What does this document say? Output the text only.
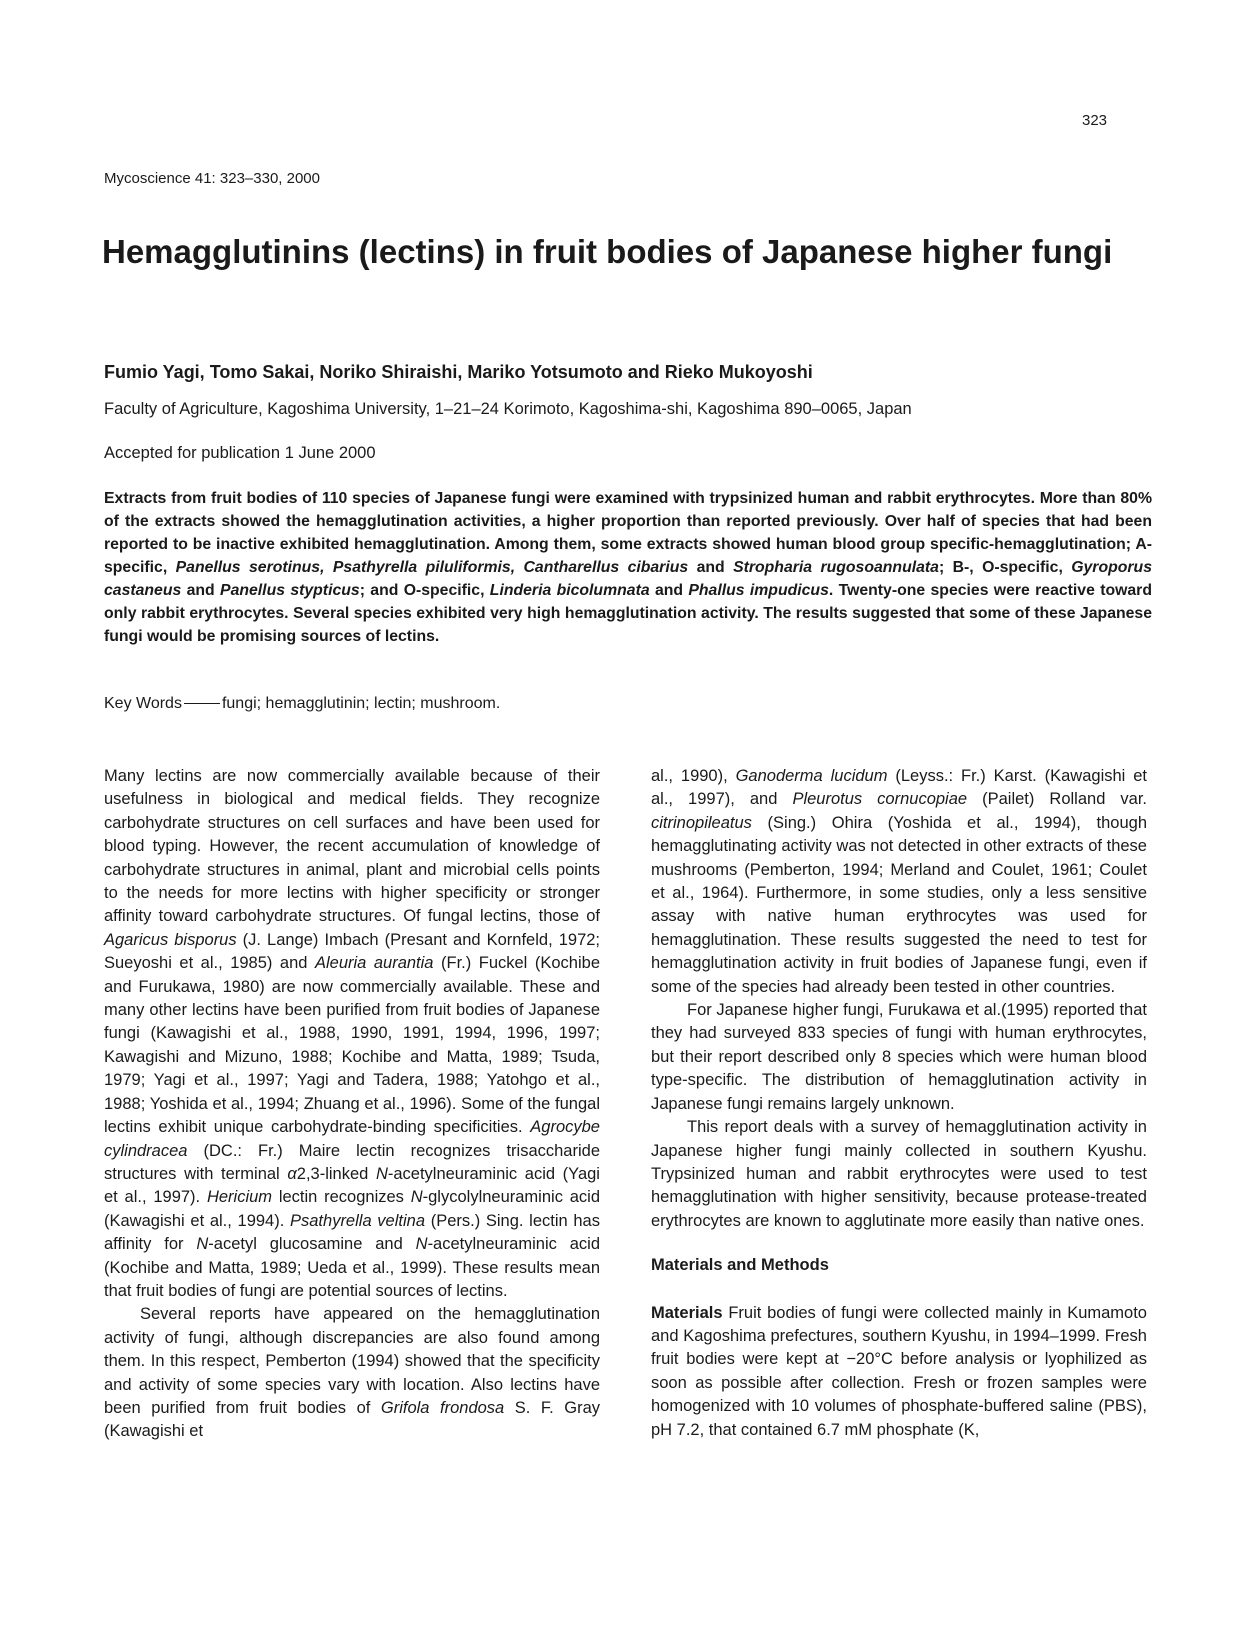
323
Mycoscience 41: 323–330, 2000
Hemagglutinins (lectins) in fruit bodies of Japanese higher fungi
Fumio Yagi, Tomo Sakai, Noriko Shiraishi, Mariko Yotsumoto and Rieko Mukoyoshi
Faculty of Agriculture, Kagoshima University, 1–21–24 Korimoto, Kagoshima-shi, Kagoshima 890–0065, Japan
Accepted for publication 1 June 2000

Extracts from fruit bodies of 110 species of Japanese fungi were examined with trypsinized human and rabbit erythrocytes. More than 80% of the extracts showed the hemagglutination activities, a higher proportion than reported previously. Over half of species that had been reported to be inactive exhibited hemagglutination. Among them, some extracts showed human blood group specific-hemagglutination; A-specific, Panellus serotinus, Psathyrella piluliformis, Cantharellus cibarius and Stropharia rugosoannulata; B-, O-specific, Gyroporus castaneus and Panellus stypticus; and O-specific, Linderia bicolumnata and Phallus impudicus. Twenty-one species were reactive toward only rabbit erythrocytes. Several species exhibited very high hemagglutination activity. The results suggested that some of these Japanese fungi would be promising sources of lectins.

Key Words	fungi; hemagglutinin; lectin; mushroom.

Many lectins are now commercially available because of their usefulness in biological and medical fields. They recognize carbohydrate structures on cell surfaces and have been used for blood typing. However, the recent accumulation of knowledge of carbohydrate structures in animal, plant and microbial cells points to the needs for more lectins with higher specificity or stronger affinity toward carbohydrate structures. Of fungal lectins, those of Agaricus bisporus (J. Lange) Imbach (Presant and Kornfeld, 1972; Sueyoshi et al., 1985) and Aleuria aurantia (Fr.) Fuckel (Kochibe and Furukawa, 1980) are now commercially available. These and many other lectins have been purified from fruit bodies of Japanese fungi (Kawagishi et al., 1988, 1990, 1991, 1994, 1996, 1997; Kawagishi and Mizuno, 1988; Kochibe and Matta, 1989; Tsuda, 1979; Yagi et al., 1997; Yagi and Tadera, 1988; Yatohgo et al., 1988; Yoshida et al., 1994; Zhuang et al., 1996). Some of the fungal lectins exhibit unique carbohydrate-binding specificities. Agrocybe cylindracea (DC.: Fr.) Maire lectin recognizes trisaccharide structures with terminal α2,3-linked N-acetylneuraminic acid (Yagi et al., 1997). Hericium lectin recognizes N-glycolylneuraminic acid (Kawagishi et al., 1994). Psathyrella veltina (Pers.) Sing. lectin has affinity for N-acetyl glucosamine and N-acetylneuraminic acid (Kochibe and Matta, 1989; Ueda et al., 1999). These results mean that fruit bodies of fungi are potential sources of lectins.

Several reports have appeared on the hemagglutination activity of fungi, although discrepancies are also found among them. In this respect, Pemberton (1994) showed that the specificity and activity of some species vary with location. Also lectins have been purified from fruit bodies of Grifola frondosa S. F. Gray (Kawagishi et

al., 1990), Ganoderma lucidum (Leyss.: Fr.) Karst. (Kawagishi et al., 1997), and Pleurotus cornucopiae (Pailet) Rolland var. citrinopileatus (Sing.) Ohira (Yoshida et al., 1994), though hemagglutinating activity was not detected in other extracts of these mushrooms (Pemberton, 1994; Merland and Coulet, 1961; Coulet et al., 1964). Furthermore, in some studies, only a less sensitive assay with native human erythrocytes was used for hemagglutination. These results suggested the need to test for hemagglutination activity in fruit bodies of Japanese fungi, even if some of the species had already been tested in other countries.

For Japanese higher fungi, Furukawa et al.(1995) reported that they had surveyed 833 species of fungi with human erythrocytes, but their report described only 8 species which were human blood type-specific. The distribution of hemagglutination activity in Japanese fungi remains largely unknown.

This report deals with a survey of hemagglutination activity in Japanese higher fungi mainly collected in southern Kyushu. Trypsinized human and rabbit erythrocytes were used to test hemagglutination with higher sensitivity, because protease-treated erythrocytes are known to agglutinate more easily than native ones.

Materials and Methods

Materials Fruit bodies of fungi were collected mainly in Kumamoto and Kagoshima prefectures, southern Kyushu, in 1994–1999. Fresh fruit bodies were kept at −20°C before analysis or lyophilized as soon as possible after collection. Fresh or frozen samples were homogenized with 10 volumes of phosphate-buffered saline (PBS), pH 7.2, that contained 6.7 mM phosphate (K,
